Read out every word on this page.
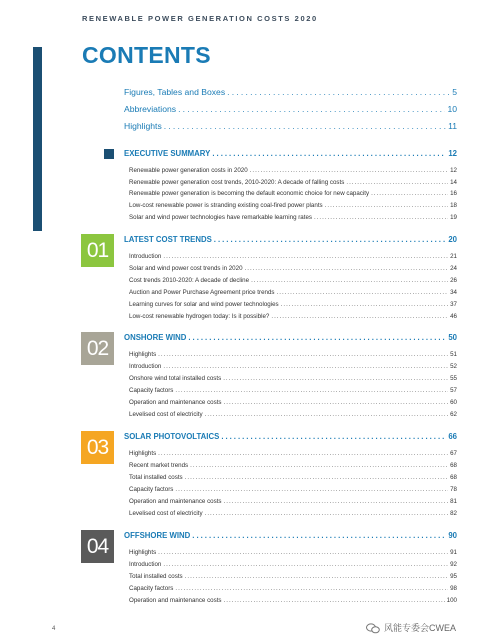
RENEWABLE POWER GENERATION COSTS 2020
CONTENTS
Figures, Tables and Boxes .....	5
Abbreviations .....	10
Highlights .....	11
EXECUTIVE SUMMARY .....	12
Renewable power generation costs in 2020 .....	12
Renewable power generation cost trends, 2010-2020: A decade of falling costs .....	14
Renewable power generation is becoming the default economic choice for new capacity .....	16
Low-cost renewable power is stranding existing coal-fired power plants .....	18
Solar and wind power technologies have remarkable learning rates .....	19
01	LATEST COST TRENDS .....	20
Introduction .....	21
Solar and wind power cost trends in 2020 .....	24
Cost trends 2010-2020: A decade of decline .....	26
Auction and Power Purchase Agreement price trends .....	34
Learning curves for solar and wind power technologies .....	37
Low-cost renewable hydrogen today: Is it possible? .....	46
02	ONSHORE WIND .....	50
Highlights .....	51
Introduction .....	52
Onshore wind total installed costs .....	55
Capacity factors .....	57
Operation and maintenance costs .....	60
Levelised cost of electricity .....	62
03	SOLAR PHOTOVOLTAICS .....	66
Highlights .....	67
Recent market trends .....	68
Total installed costs .....	68
Capacity factors .....	78
Operation and maintenance costs .....	81
Levelised cost of electricity .....	82
04	OFFSHORE WIND .....	90
Highlights .....	91
Introduction .....	92
Total installed costs .....	95
Capacity factors .....	98
Operation and maintenance costs .....	100
4	风能专委会CWEA
